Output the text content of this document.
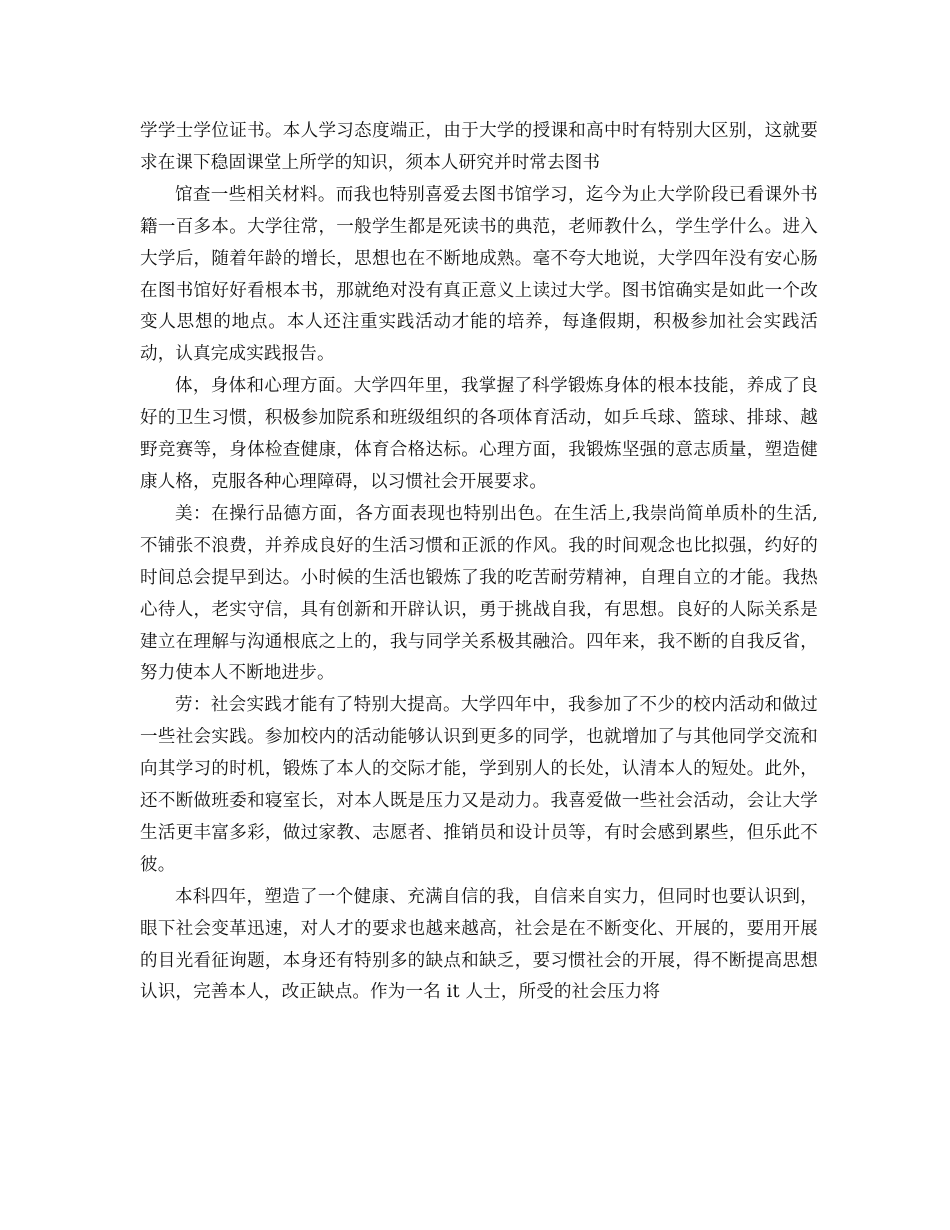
学学士学位证书。本人学习态度端正，由于大学的授课和高中时有特别大区别，这就要求在课下稳固课堂上所学的知识，须本人研究并时常去图书

馆查一些相关材料。而我也特别喜爱去图书馆学习，迄今为止大学阶段已看课外书籍一百多本。大学往常，一般学生都是死读书的典范，老师教什么，学生学什么。进入大学后，随着年龄的增长，思想也在不断地成熟。毫不夸大地说，大学四年没有安心肠在图书馆好好看根本书，那就绝对没有真正意义上读过大学。图书馆确实是如此一个改变人思想的地点。本人还注重实践活动才能的培养，每逢假期，积极参加社会实践活动，认真完成实践报告。

体，身体和心理方面。大学四年里，我掌握了科学锻炼身体的根本技能，养成了良好的卫生习惯，积极参加院系和班级组织的各项体育活动，如乒乓球、篮球、排球、越野竞赛等，身体检查健康，体育合格达标。心理方面，我锻炼坚强的意志质量，塑造健康人格，克服各种心理障碍，以习惯社会开展要求。

美：在操行品德方面，各方面表现也特别出色。在生活上,我崇尚简单质朴的生活,不铺张不浪费，并养成良好的生活习惯和正派的作风。我的时间观念也比拟强，约好的时间总会提早到达。小时候的生活也锻炼了我的吃苦耐劳精神，自理自立的才能。我热心待人，老实守信，具有创新和开辟认识，勇于挑战自我，有思想。良好的人际关系是建立在理解与沟通根底之上的，我与同学关系极其融洽。四年来，我不断的自我反省，努力使本人不断地进步。

劳：社会实践才能有了特别大提高。大学四年中，我参加了不少的校内活动和做过一些社会实践。参加校内的活动能够认识到更多的同学，也就增加了与其他同学交流和向其学习的时机，锻炼了本人的交际才能，学到别人的长处，认清本人的短处。此外，还不断做班委和寝室长，对本人既是压力又是动力。我喜爱做一些社会活动，会让大学生活更丰富多彩，做过家教、志愿者、推销员和设计员等，有时会感到累些，但乐此不彼。

本科四年，塑造了一个健康、充满自信的我，自信来自实力，但同时也要认识到，眼下社会变革迅速，对人才的要求也越来越高，社会是在不断变化、开展的，要用开展的目光看征询题，本身还有特别多的缺点和缺乏，要习惯社会的开展，得不断提高思想认识，完善本人，改正缺点。作为一名 it 人士，所受的社会压力将
